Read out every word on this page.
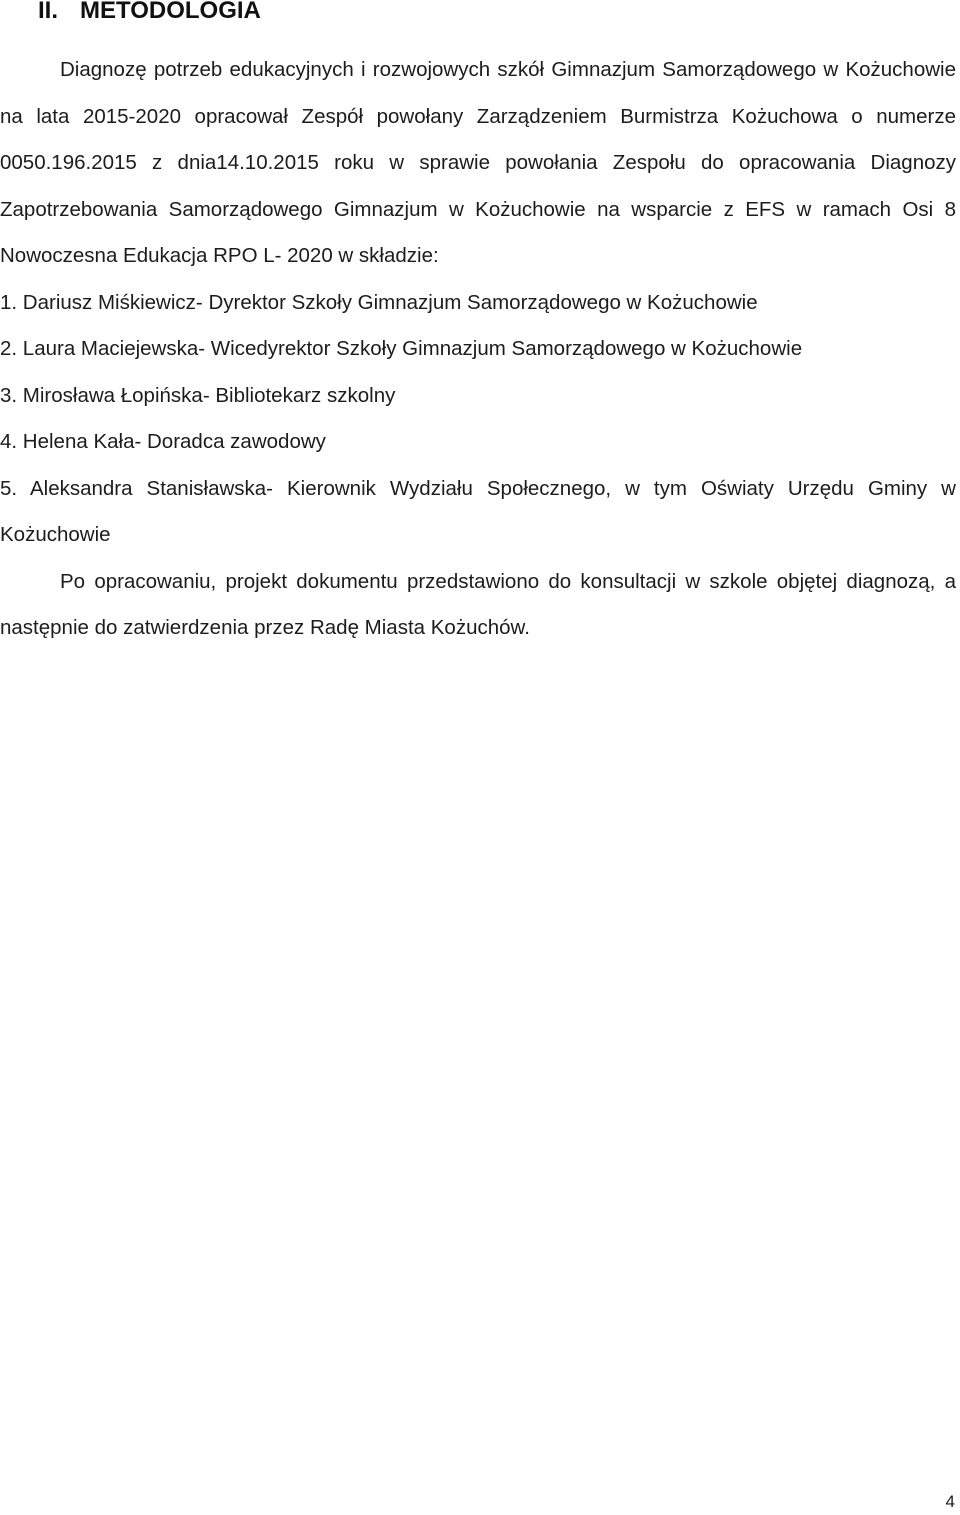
II. METODOLOGIA

Diagnozę potrzeb edukacyjnych i rozwojowych szkół Gimnazjum Samorządowego w Kożuchowie na lata 2015-2020 opracował Zespół powołany Zarządzeniem Burmistrza Kożuchowa o numerze 0050.196.2015 z dnia14.10.2015 roku w sprawie powołania Zespołu do opracowania Diagnozy Zapotrzebowania Samorządowego Gimnazjum w Kożuchowie na wsparcie z EFS w ramach Osi 8 Nowoczesna Edukacja RPO L- 2020 w składzie:

1. Dariusz Miśkiewicz- Dyrektor Szkoły Gimnazjum Samorządowego w Kożuchowie
2. Laura Maciejewska- Wicedyrektor Szkoły Gimnazjum Samorządowego w Kożuchowie
3. Mirosława Łopińska- Bibliotekarz szkolny
4. Helena Kała- Doradca zawodowy
5. Aleksandra Stanisławska- Kierownik Wydziału Społecznego, w tym Oświaty Urzędu Gminy w Kożuchowie

Po opracowaniu, projekt dokumentu przedstawiono do konsultacji w szkole objętej diagnozą, a następnie do zatwierdzenia przez Radę Miasta Kożuchów.

4
